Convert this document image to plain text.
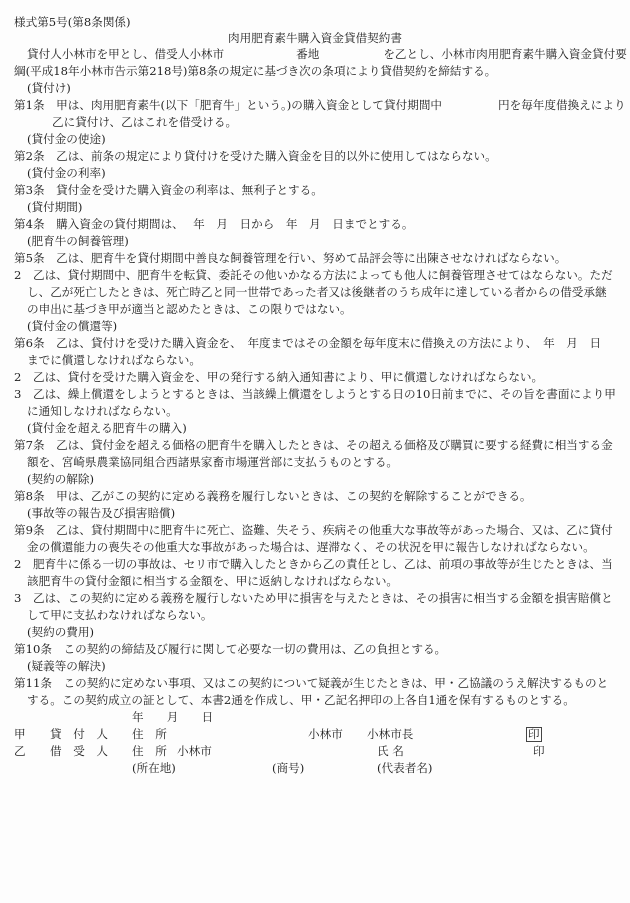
様式第5号(第8条関係)
肉用肥育素牛購入資金貸借契約書
貸付人小林市を甲とし、借受人小林市	番地	を乙とし、小林市肉用肥育素牛購入資金貸付要
綱(平成18年小林市告示第218号)第8条の規定に基づき次の条項により貸借契約を締結する。
(貸付け)
第1条　甲は、肉用肥育素牛(以下「肥育牛」という。)の購入資金として貸付期間中	円を毎年度借換えにより
乙に貸付け、乙はこれを借受ける。
(貸付金の使途)
第2条　乙は、前条の規定により貸付けを受けた購入資金を目的以外に使用してはならない。
(貸付金の利率)
第3条　貸付金を受けた購入資金の利率は、無利子とする。
(貸付期間)
第4条　購入資金の貸付期間は、　 年　月　日から　年　月　日までとする。
(肥育牛の飼養管理)
第5条　乙は、肥育牛を貸付期間中善良な飼養管理を行い、努めて品評会等に出陳させなければならない。
2　乙は、貸付期間中、肥育牛を転貸、委託その他いかなる方法によっても他人に飼養管理させてはならない。ただ
し、乙が死亡したときは、死亡時乙と同一世帯であった者又は後継者のうち成年に達している者からの借受承継
の申出に基づき甲が適当と認めたときは、この限りではない。
(貸付金の償還等)
第6条　乙は、貸付けを受けた購入資金を、　年度まではその金額を毎年度末に借換えの方法により、　年　月　日
までに償還しなければならない。
2　乙は、貸付を受けた購入資金を、甲の発行する納入通知書により、甲に償還しなければならない。
3　乙は、繰上償還をしようとするときは、当該繰上償還をしようとする日の10日前までに、その旨を書面により甲
に通知しなければならない。
(貸付金を超える肥育牛の購入)
第7条　乙は、貸付金を超える価格の肥育牛を購入したときは、その超える価格及び購買に要する経費に相当する金
額を、宮崎県農業協同組合西諸県家畜市場運営部に支払うものとする。
(契約の解除)
第8条　甲は、乙がこの契約に定める義務を履行しないときは、この契約を解除することができる。
(事故等の報告及び損害賠償)
第9条　乙は、貸付期間中に肥育牛に死亡、盗難、失そう、疾病その他重大な事故等があった場合、又は、乙に貸付
金の償還能力の喪失その他重大な事故があった場合は、遅滞なく、その状況を甲に報告しなければならない。
2　肥育牛に係る一切の事故は、セリ市で購入したときから乙の責任とし、乙は、前項の事故等が生じたときは、当
該肥育牛の貸付金額に相当する金額を、甲に返納しなければならない。
3　乙は、この契約に定める義務を履行しないため甲に損害を与えたときは、その損害に相当する金額を損害賠償と
して甲に支払わなければならない。
(契約の費用)
第10条　この契約の締結及び履行に関して必要な一切の費用は、乙の負担とする。
(疑義等の解決)
第11条　この契約に定めない事項、又はこの契約について疑義が生じたときは、甲・乙協議のうえ解決するものと
する。この契約成立の証として、本書2通を作成し、甲・乙記名押印の上各自1通を保有するものとする。
年　　月　　日
甲 貸　付　人 住　所	小林市 小林市長	印
乙 借　受　人 住　所 小林市	氏 名	印
(所在地)	(商号)	(代表者名)
